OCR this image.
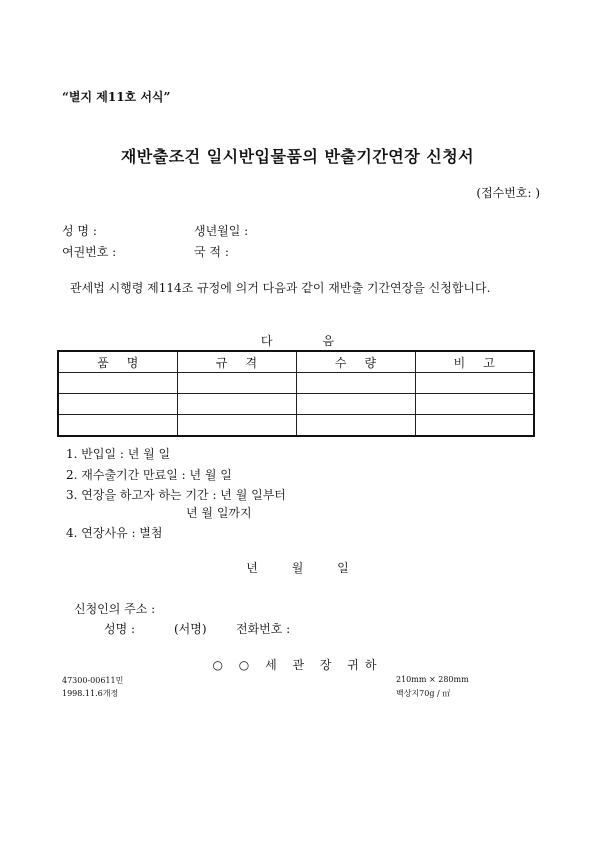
“별지 제11호 서식”
재반출조건 일시반입물품의 반출기간연장 신청서
(접수번호: )
성 명 :	생년월일 :
여권번호 :	국 적 :
관세법 시행령 제114조 규정에 의거 다음과 같이 재반출 기간연장을 신청합니다.
다음
품명	규격	수량	비고

1. 반입일 : 년 월 일
2. 재수출기간 만료일 : 년 월 일
3. 연장을 하고자 하는 기간 : 년 월 일부터
년 월 일까지
4. 연장사유 : 별첨
년 월 일
신청인의 주소 :
성명 :	(서명) 전화번호 :
○ ○ 세 관 장 귀하
47300-00611민
1998.11.6개정
210mm × 280mm
백상지70g / ㎡
